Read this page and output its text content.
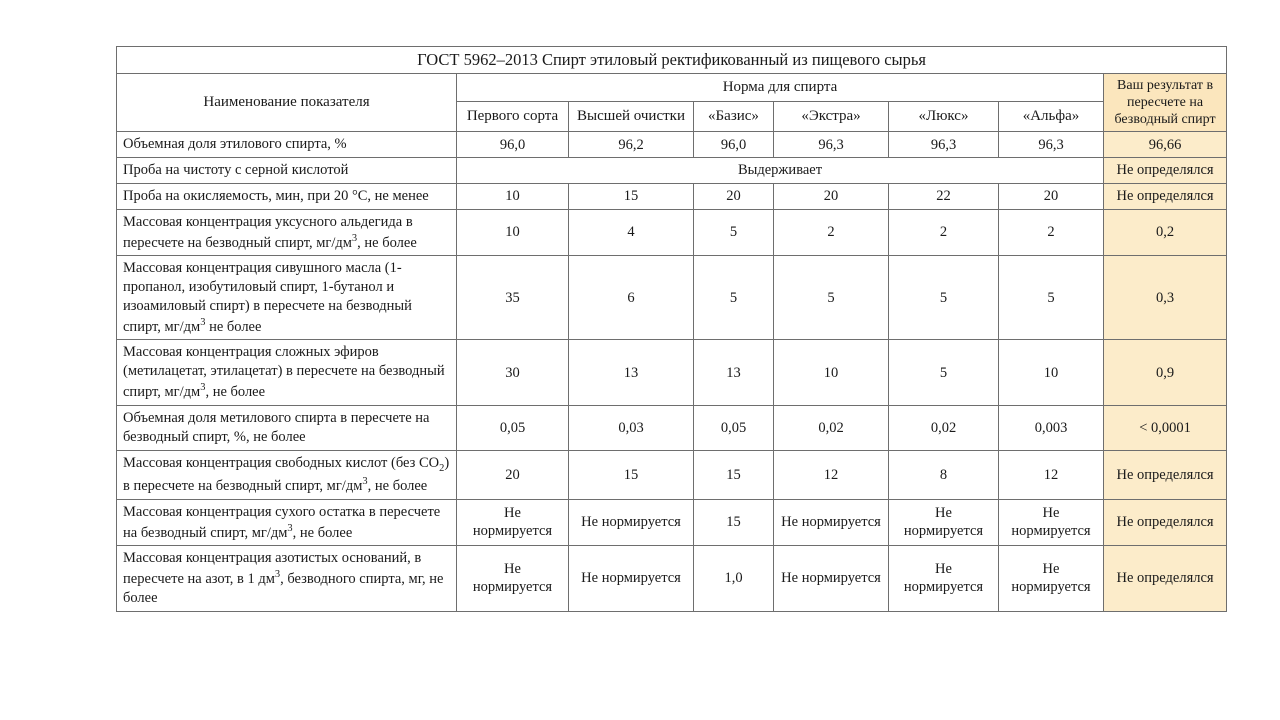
ГОСТ 5962–2013 Спирт этиловый ректификованный из пищевого сырья							
Наименование показателя	Норма для спирта						Ваш результат в пересчете на безводный спирт
	Первого сорта	Высшей очистки	«Базис»	«Экстра»	«Люкс»	«Альфа»	
Объемная доля этилового спирта, %	96,0	96,2	96,0	96,3	96,3	96,3	96,66
Проба на чистоту с серной кислотой	Выдерживает						Не определялся
Проба на окисляемость, мин, при 20 °С, не менее	10	15	20	20	22	20	Не определялся
Массовая концентрация уксусного альдегида в пересчете на безводный спирт, $мг/дм^3$, не более	10	4	5	2	2	2	0,2
Массовая концентрация сивушного масла (1-пропанол, изобутиловый спирт, 1-бутанол и изоамиловый спирт) в пересчете на безводный спирт, $мг/дм^3$ не более	35	6	5	5	5	5	0,3
Массовая концентрация сложных эфиров (метилацетат, этилацетат) в пересчете на безводный спирт, $мг/дм^3$, не более	30	13	13	10	5	10	0,9
Объемная доля метилового спирта в пересчете на безводный спирт, %, не более	0,05	0,03	0,05	0,02	0,02	0,003	< 0,0001
Массовая концентрация свободных кислот (без $СО_2$) в пересчете на безводный спирт, $мг/дм^3$, не более	20	15	15	12	8	12	Не определялся
Массовая концентрация сухого остатка в пересчете на безводный спирт, $мг/дм^3$, не более	Не нормируется	Не нормируется	15	Не нормируется	Не нормируется	Не нормируется	Не определялся
Массовая концентрация азотистых оснований, в пересчете на азот, в 1 $дм^3$, безводного спирта, мг, не более	Не нормируется	Не нормируется	1,0	Не нормируется	Не нормируется	Не нормируется	Не определялся
